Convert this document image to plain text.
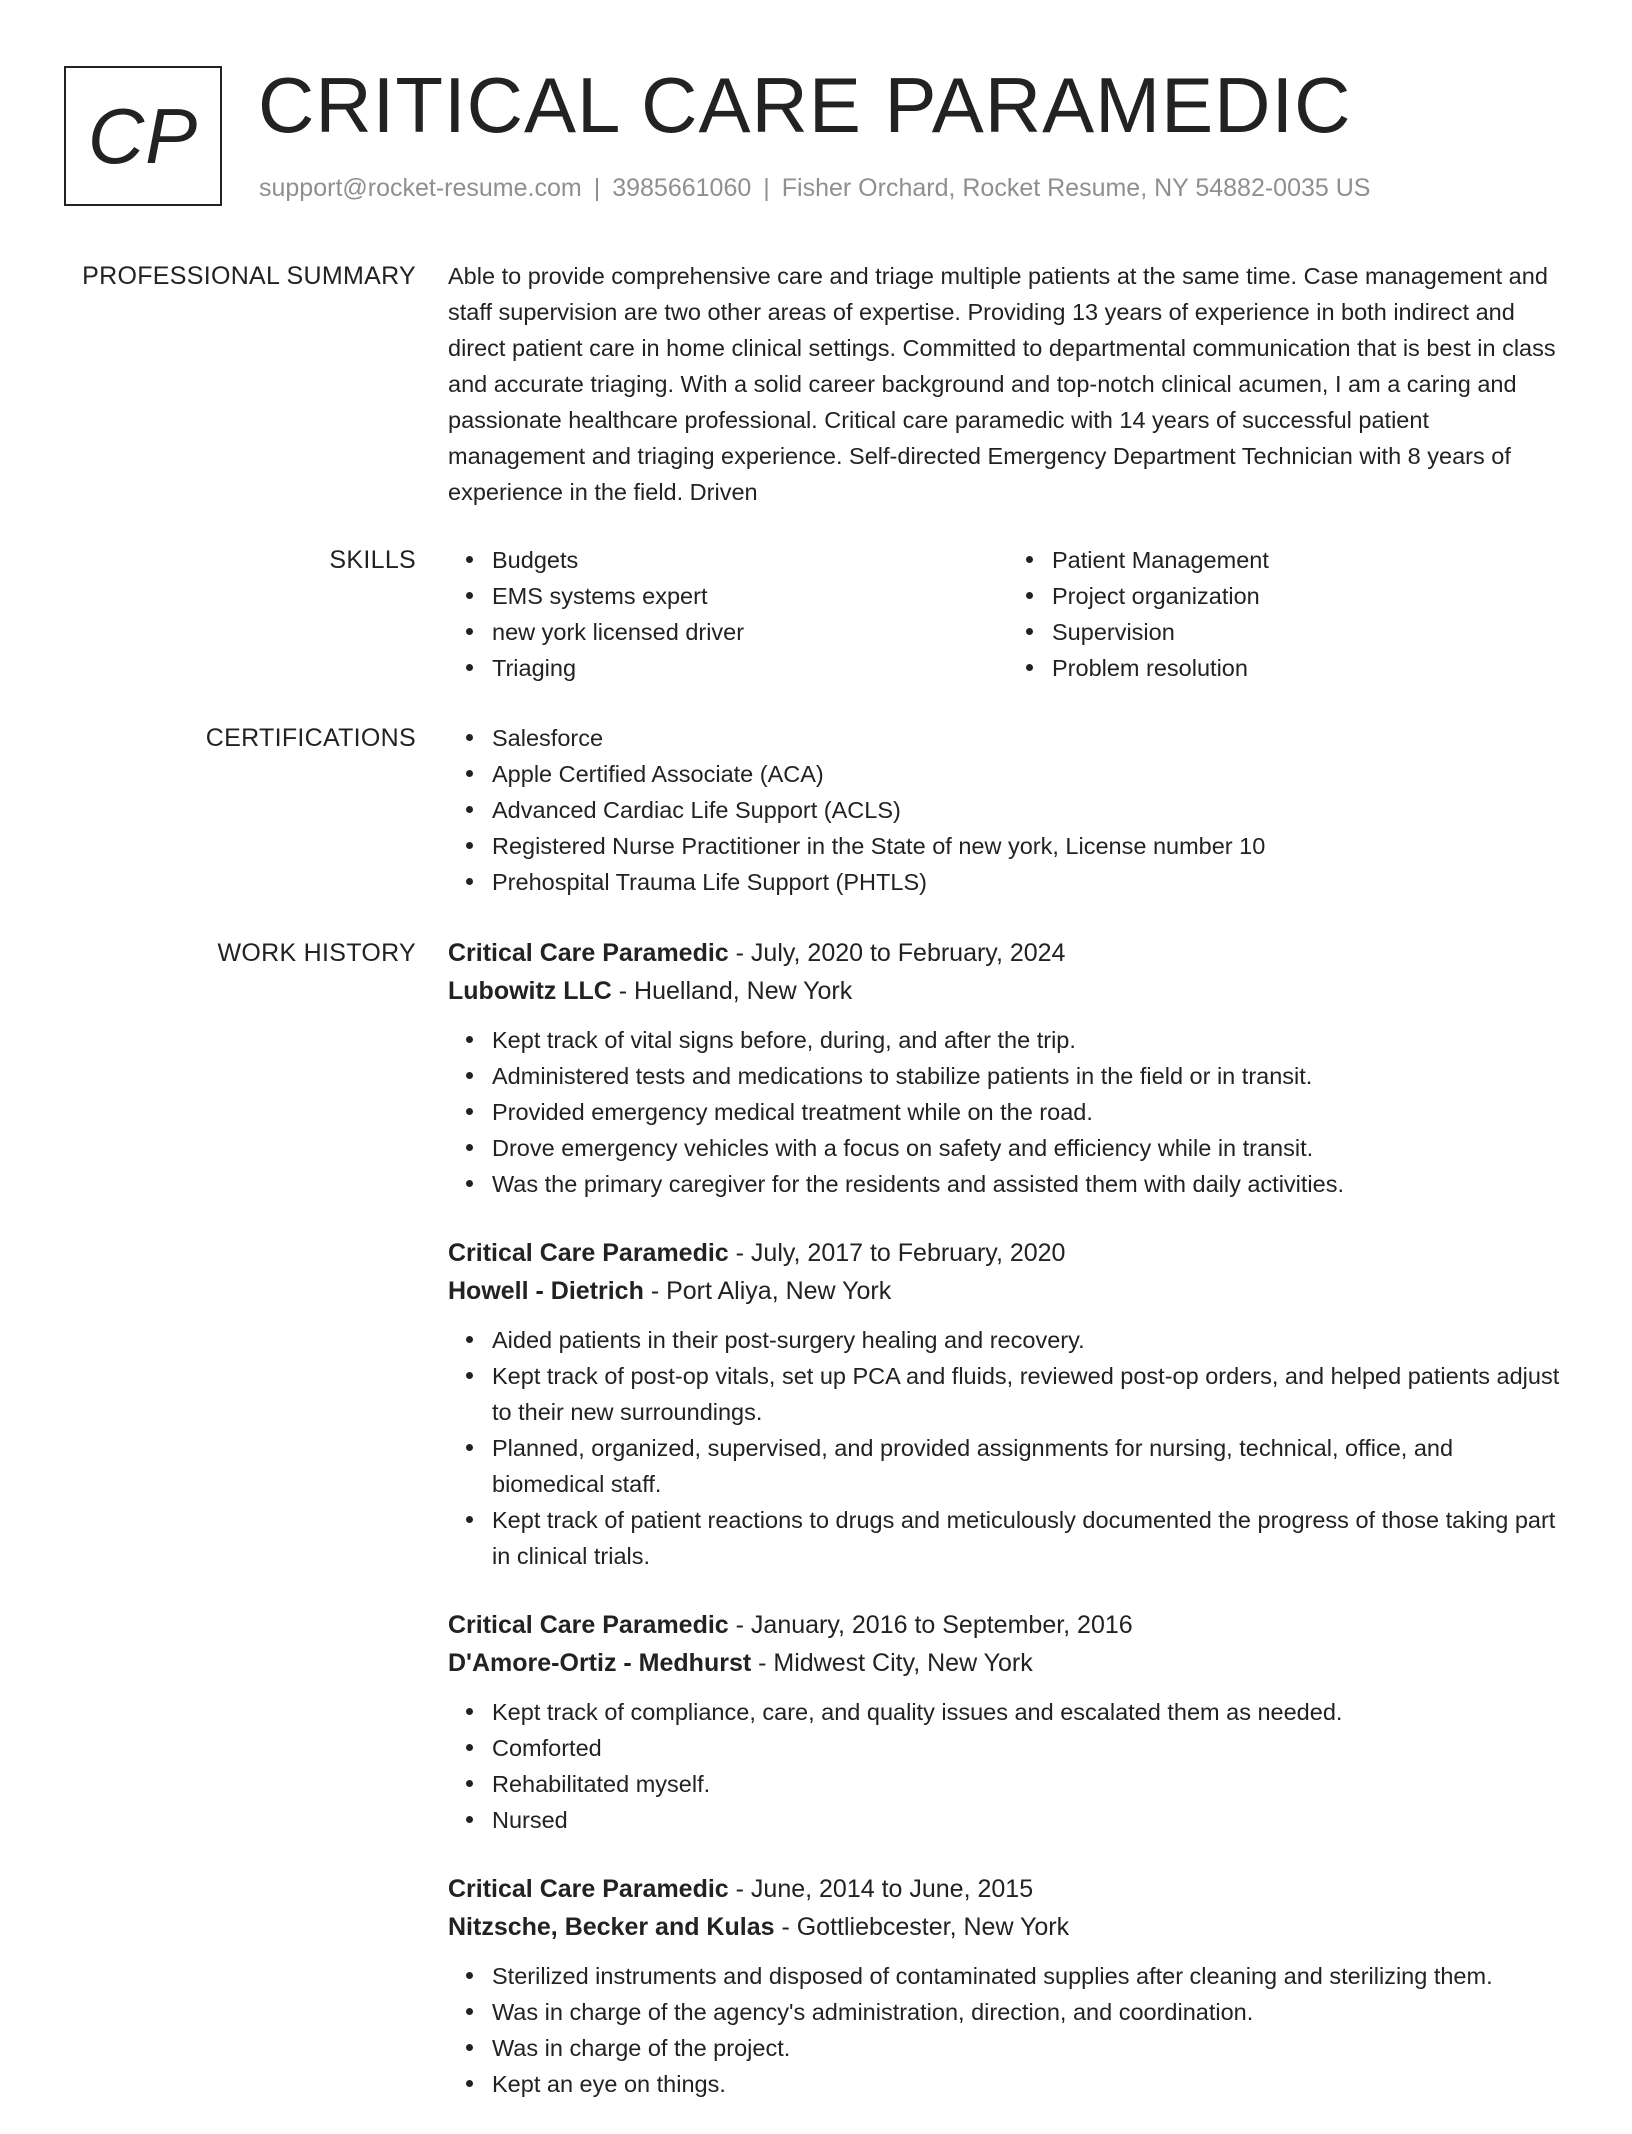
CP CRITICAL CARE PARAMEDIC
support@rocket-resume.com | 3985661060 | Fisher Orchard, Rocket Resume, NY 54882-0035 US
PROFESSIONAL SUMMARY Able to provide comprehensive care and triage multiple patients at the same time. Case management and staff supervision are two other areas of expertise. Providing 13 years of experience in both indirect and direct patient care in home clinical settings. Committed to departmental communication that is best in class and accurate triaging. With a solid career background and top-notch clinical acumen, I am a caring and passionate healthcare professional. Critical care paramedic with 14 years of successful patient management and triaging experience. Self-directed Emergency Department Technician with 8 years of experience in the field. Driven
SKILLS	Budgets
EMS systems expert
new york licensed driver
Triaging
Patient Management
Project organization
Supervision
Problem resolution
CERTIFICATIONS	Salesforce
Apple Certified Associate (ACA)
Advanced Cardiac Life Support (ACLS)
Registered Nurse Practitioner in the State of new york, License number 10
Prehospital Trauma Life Support (PHTLS)
WORK HISTORY Critical Care Paramedic - July, 2020 to February, 2024
Lubowitz LLC - Huelland, New York
Kept track of vital signs before, during, and after the trip.
Administered tests and medications to stabilize patients in the field or in transit.
Provided emergency medical treatment while on the road.
Drove emergency vehicles with a focus on safety and efficiency while in transit.
Was the primary caregiver for the residents and assisted them with daily activities.
Critical Care Paramedic - July, 2017 to February, 2020
Howell - Dietrich - Port Aliya, New York
Aided patients in their post-surgery healing and recovery.
Kept track of post-op vitals, set up PCA and fluids, reviewed post-op orders, and helped patients adjust to their new surroundings.
Planned, organized, supervised, and provided assignments for nursing, technical, office, and biomedical staff.
Kept track of patient reactions to drugs and meticulously documented the progress of those taking part in clinical trials.
Critical Care Paramedic - January, 2016 to September, 2016
D'Amore-Ortiz - Medhurst - Midwest City, New York
Kept track of compliance, care, and quality issues and escalated them as needed.
Comforted
Rehabilitated myself.
Nursed
Critical Care Paramedic - June, 2014 to June, 2015
Nitzsche, Becker and Kulas - Gottliebcester, New York
Sterilized instruments and disposed of contaminated supplies after cleaning and sterilizing them.
Was in charge of the agency's administration, direction, and coordination.
Was in charge of the project.
Kept an eye on things.
